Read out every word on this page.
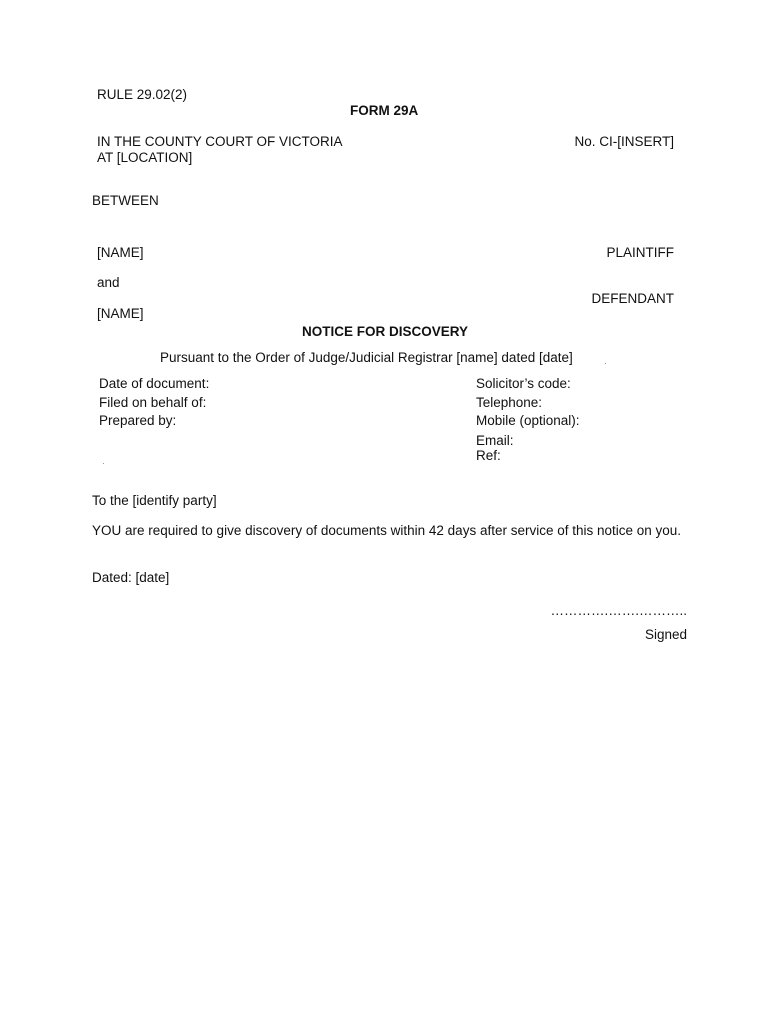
RULE 29.02(2)
FORM 29A
IN THE COUNTY COURT OF VICTORIA
AT [LOCATION]
No. CI-[INSERT]
BETWEEN
[NAME]	PLAINTIFF
and
DEFENDANT
[NAME]
NOTICE FOR DISCOVERY
Pursuant to the Order of Judge/Judicial Registrar [name] dated [date]
Date of document:
Filed on behalf of:
Prepared by:
Solicitor’s code:
Telephone:
Mobile (optional):
Email:
Ref:
To the [identify party]
YOU are required to give discovery of documents within 42 days after service of this notice on you.
Dated: [date]
………….…….………..
Signed
